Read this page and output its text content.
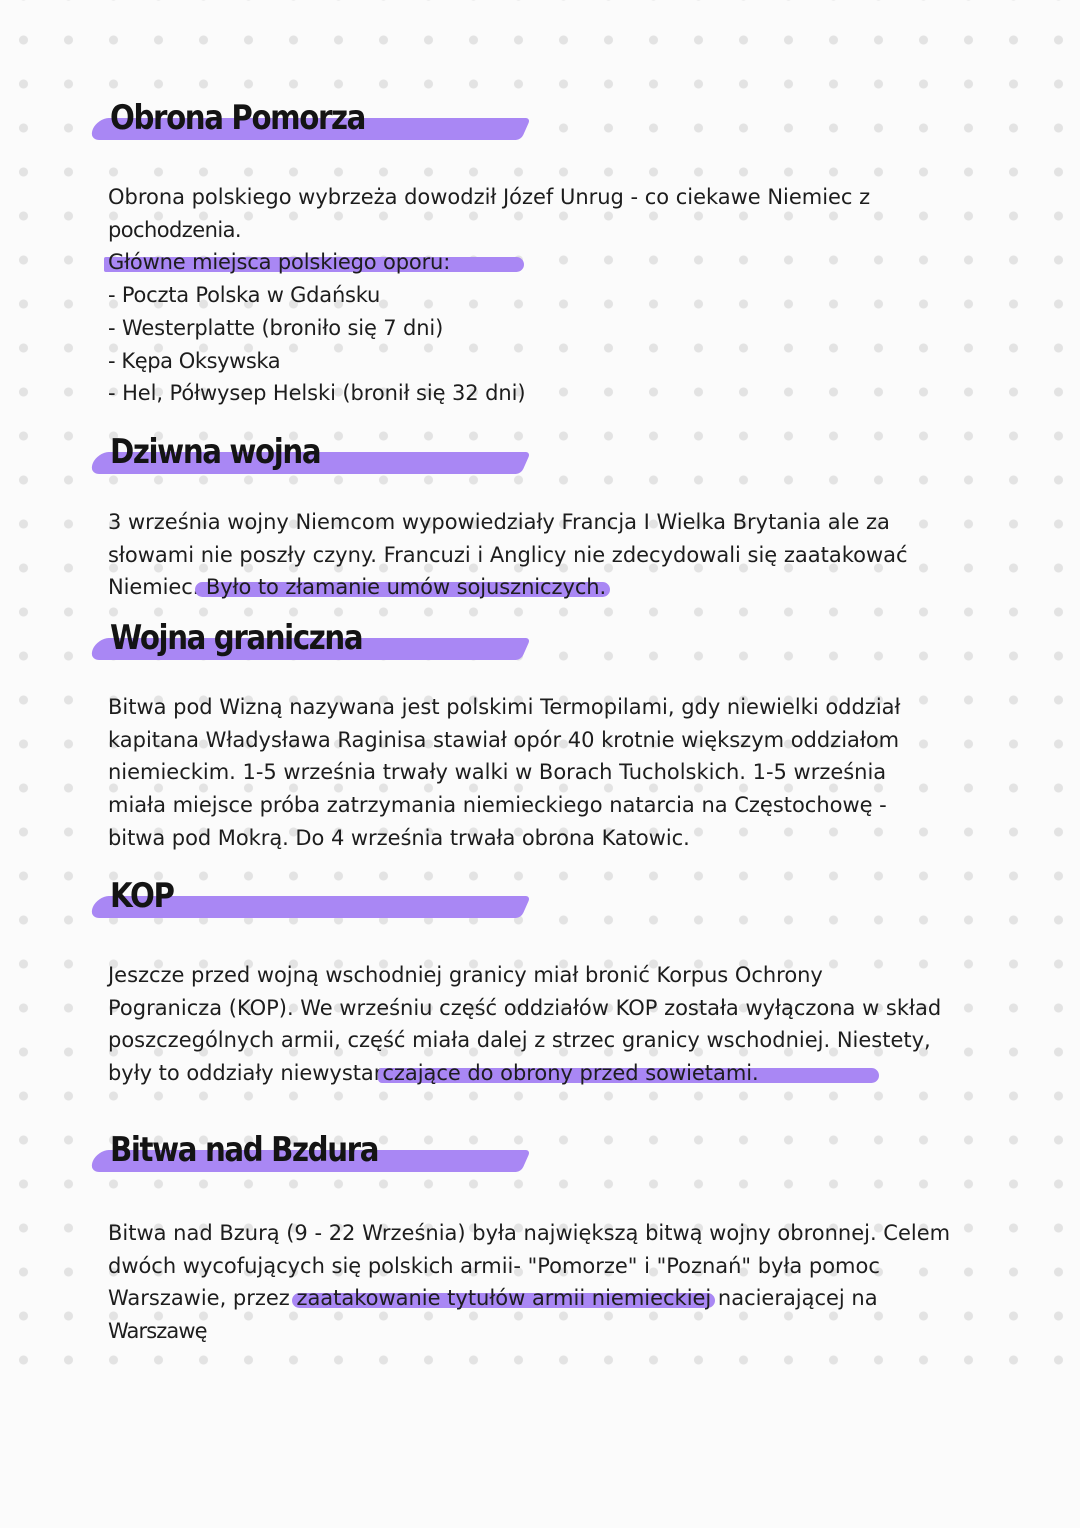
Obrona Pomorza
Obrona polskiego wybrzeża dowodził Józef Unrug - co ciekawe Niemiec z
pochodzenia.
Główne miejsca polskiego oporu:
- Poczta Polska w Gdańsku
- Westerplatte (broniło się 7 dni)
- Kępa Oksywska
- Hel, Półwysep Helski (bronił się 32 dni)
Dziwna wojna
3 września wojny Niemcom wypowiedziały Francja I Wielka Brytania ale za
słowami nie poszły czyny. Francuzi i Anglicy nie zdecydowali się zaatakować
Niemiec. Było to złamanie umów sojuszniczych.
Wojna graniczna
Bitwa pod Wizną nazywana jest polskimi Termopilami, gdy niewielki oddział
kapitana Władysława Raginisa stawiał opór 40 krotnie większym oddziałom
niemieckim. 1-5 września trwały walki w Borach Tucholskich. 1-5 września
miała miejsce próba zatrzymania niemieckiego natarcia na Częstochowę -
bitwa pod Mokrą. Do 4 września trwała obrona Katowic.
KOP
Jeszcze przed wojną wschodniej granicy miał bronić Korpus Ochrony
Pogranicza (KOP). We wrześniu część oddziałów KOP została wyłączona w skład
poszczególnych armii, część miała dalej z strzec granicy wschodniej. Niestety,
były to oddziały niewystarczające do obrony przed sowietami.
Bitwa nad Bzdura
Bitwa nad Bzurą (9 - 22 Września) była największą bitwą wojny obronnej. Celem
dwóch wycofujących się polskich armii- "Pomorze" i "Poznań" była pomoc
Warszawie, przez zaatakowanie tytułów armii niemieckiej nacierającej na
Warszawę
